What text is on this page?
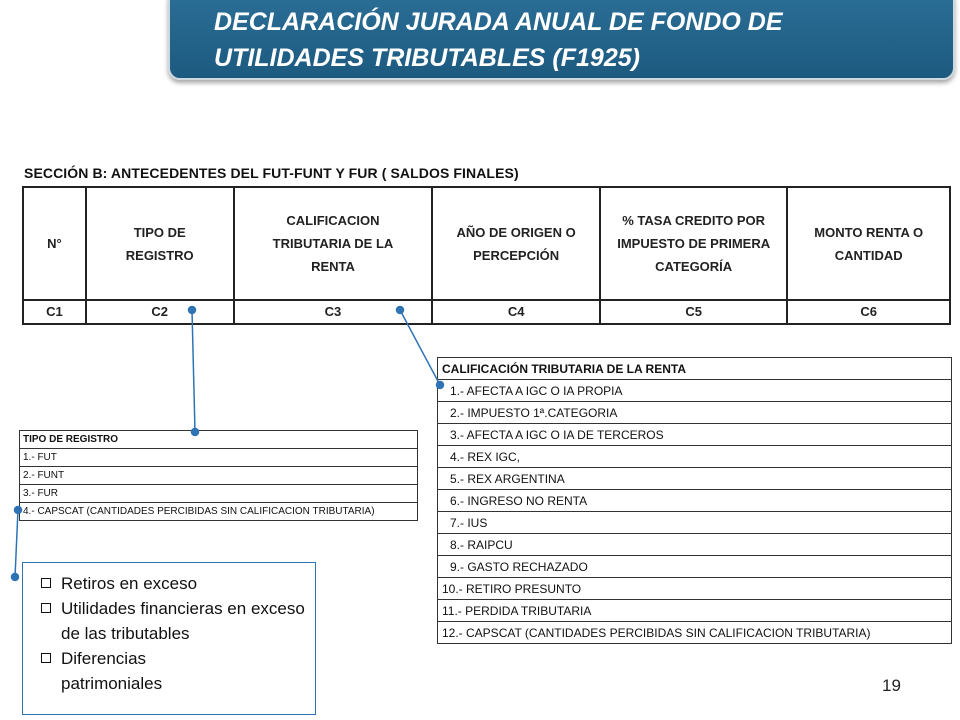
DECLARACIÓN JURADA ANUAL DE FONDO DE
UTILIDADES TRIBUTABLES (F1925)
SECCIÓN B: ANTECEDENTES DEL FUT-FUNT Y FUR ( SALDOS FINALES)
N°	TIPO DE REGISTRO	CALIFICACION TRIBUTARIA DE LA RENTA	AÑO DE ORIGEN O PERCEPCIÓN	% TASA CREDITO POR IMPUESTO DE PRIMERA CATEGORÍA	MONTO RENTA O CANTIDAD
C1	C2	C3	C4	C5	C6
TIPO DE REGISTRO
1.- FUT
2.- FUNT
3.- FUR
4.- CAPSCAT (CANTIDADES PERCIBIDAS SIN CALIFICACION TRIBUTARIA)
CALIFICACIÓN TRIBUTARIA DE LA RENTA
1.- AFECTA A IGC O IA PROPIA
2.- IMPUESTO 1ª.CATEGORIA
3.- AFECTA A IGC O IA DE TERCEROS
4.- REX IGC,
5.- REX ARGENTINA
6.- INGRESO NO RENTA
7.- IUS
8.- RAIPCU
9.- GASTO RECHAZADO
10.- RETIRO PRESUNTO
11.- PERDIDA TRIBUTARIA
12.- CAPSCAT (CANTIDADES PERCIBIDAS SIN CALIFICACION TRIBUTARIA)
Retiros en exceso
Utilidades financieras en exceso de las tributables
Diferencias patrimoniales	19
